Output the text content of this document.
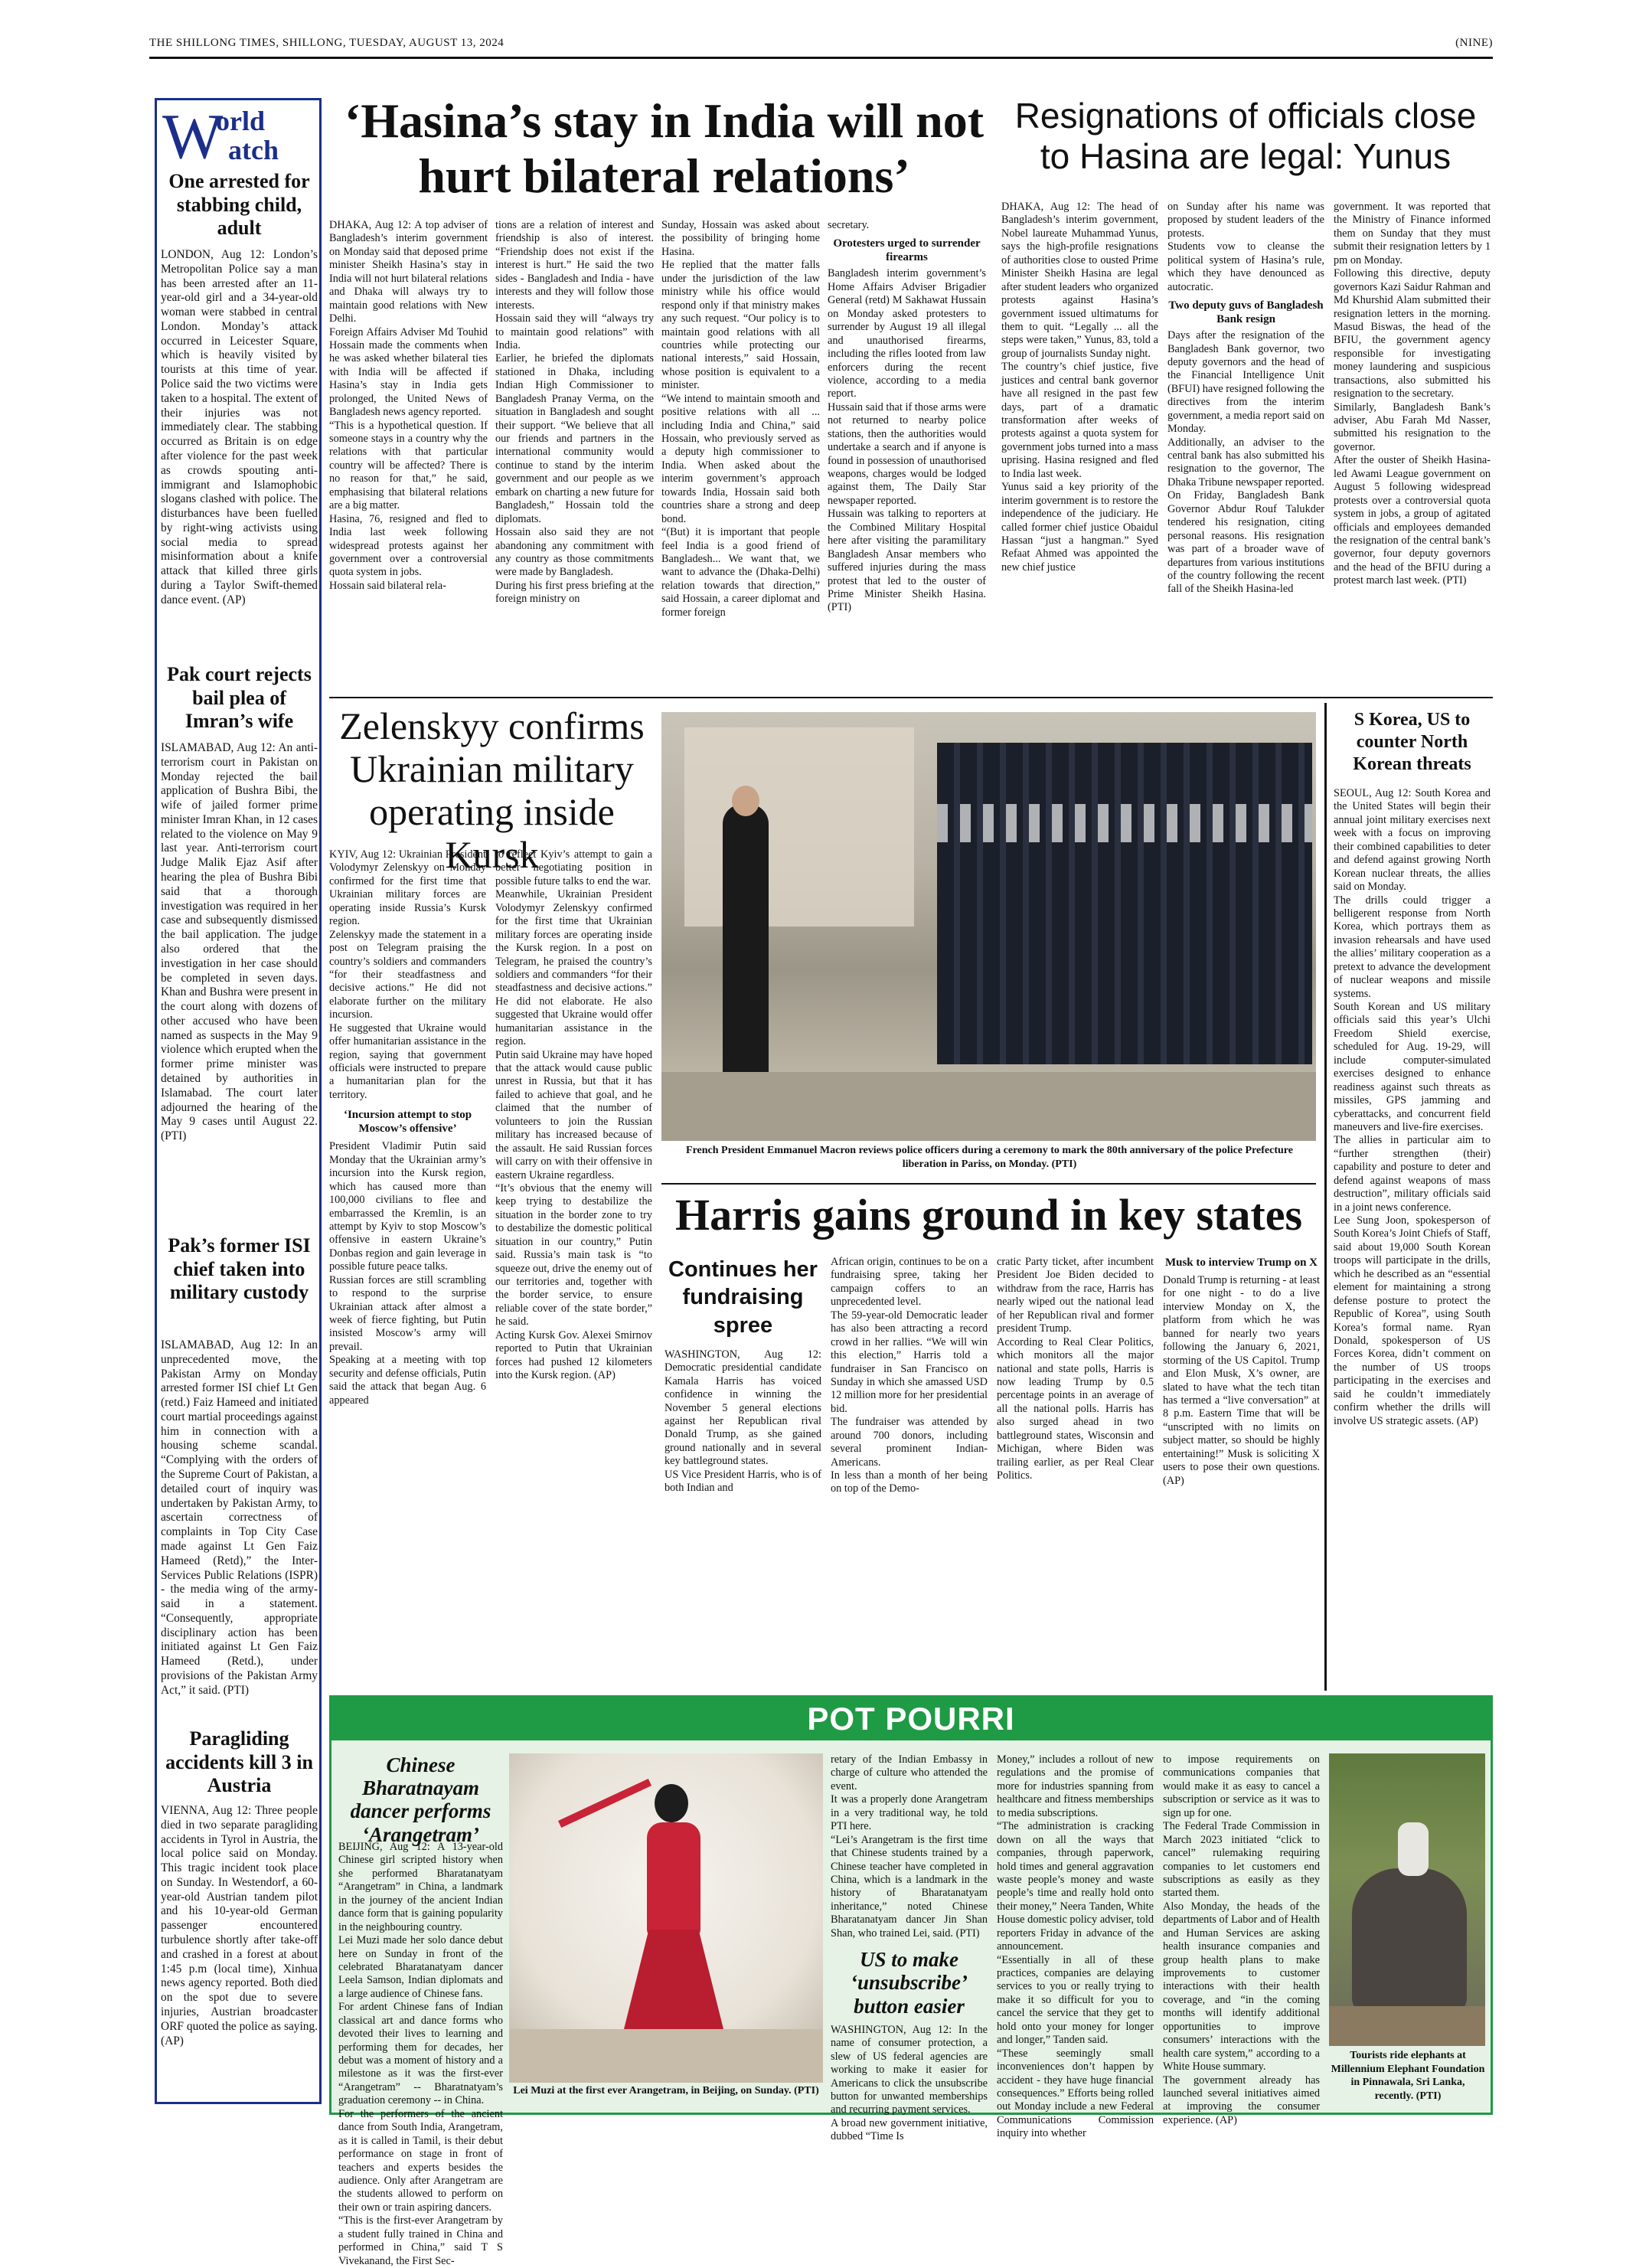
THE SHILLONG TIMES, SHILLONG, TUESDAY, AUGUST 13, 2024	(NINE)
W
orld
atch
One arrested for stabbing child, adult
LONDON, Aug 12: London’s Metropolitan Police say a man has been arrested after an 11-year-old girl and a 34-year-old woman were stabbed in central London. Monday’s attack occurred in Leicester Square, which is heavily visited by tourists at this time of year. Police said the two victims were taken to a hospital. The extent of their injuries was not immediately clear. The stabbing occurred as Britain is on edge after violence for the past week as crowds spouting anti-immigrant and Islamophobic slogans clashed with police. The disturbances have been fuelled by right-wing activists using social media to spread misinformation about a knife attack that killed three girls during a Taylor Swift-themed dance event. (AP)
Pak court rejects bail plea of Imran’s wife
ISLAMABAD, Aug 12: An anti-terrorism court in Pakistan on Monday rejected the bail application of Bushra Bibi, the wife of jailed former prime minister Imran Khan, in 12 cases related to the violence on May 9 last year. Anti-terrorism court Judge Malik Ejaz Asif after hearing the plea of Bushra Bibi said that a thorough investigation was required in her case and subsequently dismissed the bail application. The judge also ordered that the investigation in her case should be completed in seven days. Khan and Bushra were present in the court along with dozens of other accused who have been named as suspects in the May 9 violence which erupted when the former prime minister was detained by authorities in Islamabad. The court later adjourned the hearing of the May 9 cases until August 22. (PTI)
Pak’s former ISI chief taken into military custody
ISLAMABAD, Aug 12: In an unprecedented move, the Pakistan Army on Monday arrested former ISI chief Lt Gen (retd.) Faiz Hameed and initiated court martial proceedings against him in connection with a housing scheme scandal. “Complying with the orders of the Supreme Court of Pakistan, a detailed court of inquiry was undertaken by Pakistan Army, to ascertain correctness of complaints in Top City Case made against Lt Gen Faiz Hameed (Retd),” the Inter-Services Public Relations (ISPR) - the media wing of the army- said in a statement. “Consequently, appropriate disciplinary action has been initiated against Lt Gen Faiz Hameed (Retd.), under provisions of the Pakistan Army Act,” it said. (PTI)
Paragliding accidents kill 3 in Austria
VIENNA, Aug 12: Three people died in two separate paragliding accidents in Tyrol in Austria, the local police said on Monday. This tragic incident took place on Sunday. In Westendorf, a 60-year-old Austrian tandem pilot and his 10-year-old German passenger encountered turbulence shortly after take-off and crashed in a forest at about 1:45 p.m (local time), Xinhua news agency reported. Both died on the spot due to severe injuries, Austrian broadcaster ORF quoted the police as saying. (AP)
‘Hasina’s stay in India will not hurt bilateral relations’
DHAKA, Aug 12: A top adviser of Bangladesh’s interim government on Monday said that deposed prime minister Sheikh Hasina’s stay in India will not hurt bilateral relations and Dhaka will always try to maintain good relations with New Delhi.
Foreign Affairs Adviser Md Touhid Hossain made the comments when he was asked whether bilateral ties with India will be affected if Hasina’s stay in India gets prolonged, the United News of Bangladesh news agency reported.
“This is a hypothetical question. If someone stays in a country why the relations with that particular country will be affected? There is no reason for that,” he said, emphasising that bilateral relations are a big matter.
Hasina, 76, resigned and fled to India last week following widespread protests against her government over a controversial quota system in jobs.
Hossain said bilateral rela-
tions are a relation of interest and friendship is also of interest. “Friendship does not exist if the interest is hurt.” He said the two sides - Bangladesh and India - have interests and they will follow those interests.
Hossain said they will “always try to maintain good relations” with India.
Earlier, he briefed the diplomats stationed in Dhaka, including Indian High Commissioner to Bangladesh Pranay Verma, on the situation in Bangladesh and sought their support. “We believe that all our friends and partners in the international community would continue to stand by the interim government and our people as we embark on charting a new future for Bangladesh,” Hossain told the diplomats.
Hossain also said they are not abandoning any commitment with any country as those commitments were made by Bangladesh.
During his first press briefing at the foreign ministry on
Sunday, Hossain was asked about the possibility of bringing home Hasina.
He replied that the matter falls under the jurisdiction of the law ministry while his office would respond only if that ministry makes any such request. “Our policy is to maintain good relations with all countries while protecting our national interests,” said Hossain, whose position is equivalent to a minister.
“We intend to maintain smooth and positive relations with all ... including India and China,” said Hossain, who previously served as a deputy high commissioner to India. When asked about the interim government’s approach towards India, Hossain said both countries share a strong and deep bond.
“(But) it is important that people feel India is a good friend of Bangladesh... We want that, we want to advance the (Dhaka-Delhi) relation towards that direction,” said Hossain, a career diplomat and former foreign
secretary.
Orotesters urged to surrender firearms
Bangladesh interim government’s Home Affairs Adviser Brigadier General (retd) M Sakhawat Hussain on Monday asked protesters to surrender by August 19 all illegal and unauthorised firearms, including the rifles looted from law enforcers during the recent violence, according to a media report.
Hussain said that if those arms were not returned to nearby police stations, then the authorities would undertake a search and if anyone is found in possession of unauthorised weapons, charges would be lodged against them, The Daily Star newspaper reported.
Hussain was talking to reporters at the Combined Military Hospital here after visiting the paramilitary Bangladesh Ansar members who suffered injuries during the mass protest that led to the ouster of Prime Minister Sheikh Hasina. (PTI)
Resignations of officials close to Hasina are legal: Yunus
DHAKA, Aug 12: The head of Bangladesh’s interim government, Nobel laureate Muhammad Yunus, says the high-profile resignations of authorities close to ousted Prime Minister Sheikh Hasina are legal after student leaders who organized protests against Hasina’s government issued ultimatums for them to quit. “Legally ... all the steps were taken,” Yunus, 83, told a group of journalists Sunday night.
The country’s chief justice, five justices and central bank governor have all resigned in the past few days, part of a dramatic transformation after weeks of protests against a quota system for government jobs turned into a mass uprising. Hasina resigned and fled to India last week.
Yunus said a key priority of the interim government is to restore the independence of the judiciary. He called former chief justice Obaidul Hassan “just a hangman.” Syed Refaat Ahmed was appointed the new chief justice
on Sunday after his name was proposed by student leaders of the protests.
Students vow to cleanse the political system of Hasina’s rule, which they have denounced as autocratic.
Two deputy guvs of Bangladesh Bank resign
Days after the resignation of the Bangladesh Bank governor, two deputy governors and the head of the Financial Intelligence Unit (BFUI) have resigned following the directives from the interim government, a media report said on Monday.
Additionally, an adviser to the central bank has also submitted his resignation to the governor, The Dhaka Tribune newspaper reported.
On Friday, Bangladesh Bank Governor Abdur Rouf Talukder tendered his resignation, citing personal reasons. His resignation was part of a broader wave of departures from various institutions of the country following the recent fall of the Sheikh Hasina-led
government. It was reported that the Ministry of Finance informed them on Sunday that they must submit their resignation letters by 1 pm on Monday.
Following this directive, deputy governors Kazi Saidur Rahman and Md Khurshid Alam submitted their resignation letters in the morning. Masud Biswas, the head of the BFIU, the government agency responsible for investigating money laundering and suspicious transactions, also submitted his resignation to the secretary.
Similarly, Bangladesh Bank’s adviser, Abu Farah Md Nasser, submitted his resignation to the governor.
After the ouster of Sheikh Hasina-led Awami League government on August 5 following widespread protests over a controversial quota system in jobs, a group of agitated officials and employees demanded the resignation of the central bank’s governor, four deputy governors and the head of the BFIU during a protest march last week. (PTI)
Zelenskyy confirms Ukrainian military operating inside Kursk
KYIV, Aug 12: Ukrainian President Volodymyr Zelenskyy on Monday confirmed for the first time that Ukrainian military forces are operating inside Russia’s Kursk region.
Zelenskyy made the statement in a post on Telegram praising the country’s soldiers and commanders “for their steadfastness and decisive actions.” He did not elaborate further on the military incursion.
He suggested that Ukraine would offer humanitarian assistance in the region, saying that government officials were instructed to prepare a humanitarian plan for the territory.
‘Incursion attempt to stop Moscow’s offensive’
President Vladimir Putin said Monday that the Ukrainian army’s incursion into the Kursk region, which has caused more than 100,000 civilians to flee and embarrassed the Kremlin, is an attempt by Kyiv to stop Moscow’s offensive in eastern Ukraine’s Donbas region and gain leverage in possible future peace talks.
Russian forces are still scrambling to respond to the surprise Ukrainian attack after almost a week of fierce fighting, but Putin insisted Moscow’s army will prevail.
Speaking at a meeting with top security and defense officials, Putin said the attack that began Aug. 6 appeared
to reflect Kyiv’s attempt to gain a better negotiating position in possible future talks to end the war.
Meanwhile, Ukrainian President Volodymyr Zelenskyy confirmed for the first time that Ukrainian military forces are operating inside the Kursk region. In a post on Telegram, he praised the country’s soldiers and commanders “for their steadfastness and decisive actions.” He did not elaborate. He also suggested that Ukraine would offer humanitarian assistance in the region.
Putin said Ukraine may have hoped that the attack would cause public unrest in Russia, but that it has failed to achieve that goal, and he claimed that the number of volunteers to join the Russian military has increased because of the assault. He said Russian forces will carry on with their offensive in eastern Ukraine regardless.
“It’s obvious that the enemy will keep trying to destabilize the situation in the border zone to try to destabilize the domestic political situation in our country,” Putin said. Russia’s main task is “to squeeze out, drive the enemy out of our territories and, together with the border service, to ensure reliable cover of the state border,” he said.
Acting Kursk Gov. Alexei Smirnov reported to Putin that Ukrainian forces had pushed 12 kilometers into the Kursk region. (AP)
French President Emmanuel Macron reviews police officers during a ceremony to mark the 80th anniversary of the police Prefecture liberation in Pariss, on Monday. (PTI)
S Korea, US to counter North Korean threats
SEOUL, Aug 12: South Korea and the United States will begin their annual joint military exercises next week with a focus on improving their combined capabilities to deter and defend against growing North Korean nuclear threats, the allies said on Monday.
The drills could trigger a belligerent response from North Korea, which portrays them as invasion rehearsals and have used the allies’ military cooperation as a pretext to advance the development of nuclear weapons and missile systems.
South Korean and US military officials said this year’s Ulchi Freedom Shield exercise, scheduled for Aug. 19-29, will include computer-simulated exercises designed to enhance readiness against such threats as missiles, GPS jamming and cyberattacks, and concurrent field maneuvers and live-fire exercises.
The allies in particular aim to “further strengthen (their) capability and posture to deter and defend against weapons of mass destruction”, military officials said in a joint news conference.
Lee Sung Joon, spokesperson of South Korea’s Joint Chiefs of Staff, said about 19,000 South Korean troops will participate in the drills, which he described as an “essential element for maintaining a strong defense posture to protect the Republic of Korea”, using South Korea’s formal name. Ryan Donald, spokesperson of US Forces Korea, didn’t comment on the number of US troops participating in the exercises and said he couldn’t immediately confirm whether the drills will involve US strategic assets. (AP)
Harris gains ground in key states
Continues her fundraising spree
WASHINGTON, Aug 12: Democratic presidential candidate Kamala Harris has voiced confidence in winning the November 5 general elections against her Republican rival Donald Trump, as she gained ground nationally and in several key battleground states.
US Vice President Harris, who is of both Indian and
African origin, continues to be on a fundraising spree, taking her campaign coffers to an unprecedented level.
The 59-year-old Democratic leader has also been attracting a record crowd in her rallies. “We will win this election,” Harris told a fundraiser in San Francisco on Sunday in which she amassed USD 12 million more for her presidential bid.
The fundraiser was attended by around 700 donors, including several prominent Indian-Americans.
In less than a month of her being on top of the Demo-
cratic Party ticket, after incumbent President Joe Biden decided to withdraw from the race, Harris has nearly wiped out the national lead of her Republican rival and former president Trump.
According to Real Clear Politics, which monitors all the major national and state polls, Harris is now leading Trump by 0.5 percentage points in an average of all the national polls. Harris has also surged ahead in two battleground states, Wisconsin and Michigan, where Biden was trailing earlier, as per Real Clear Politics.
Musk to interview Trump on X
Donald Trump is returning - at least for one night - to do a live interview Monday on X, the platform from which he was banned for nearly two years following the January 6, 2021, storming of the US Capitol. Trump and Elon Musk, X’s owner, are slated to have what the tech titan has termed a “live conversation” at 8 p.m. Eastern Time that will be “unscripted with no limits on subject matter, so should be highly entertaining!” Musk is soliciting X users to pose their own questions. (AP)
POT POURRI
Chinese Bharatnayam dancer performs ‘Arangetram’
BEIJING, Aug 12: A 13-year-old Chinese girl scripted history when she performed Bharatanatyam “Arangetram” in China, a landmark in the journey of the ancient Indian dance form that is gaining popularity in the neighbouring country.
Lei Muzi made her solo dance debut here on Sunday in front of the celebrated Bharatanatyam dancer Leela Samson, Indian diplomats and a large audience of Chinese fans.
For ardent Chinese fans of Indian classical art and dance forms who devoted their lives to learning and performing them for decades, her debut was a moment of history and a milestone as it was the first-ever “Arangetram” -- Bharatnatyam’s graduation ceremony -- in China.
For the performers of the ancient dance from South India, Arangetram, as it is called in Tamil, is their debut performance on stage in front of teachers and experts besides the audience. Only after Arangetram are the students allowed to perform on their own or train aspiring dancers.
“This is the first-ever Arangetram by a student fully trained in China and performed in China,” said T S Vivekanand, the First Sec-
Lei Muzi at the first ever Arangetram, in Beijing, on Sunday. (PTI)
retary of the Indian Embassy in charge of culture who attended the event.
It was a properly done Arangetram in a very traditional way, he told PTI here.
“Lei’s Arangetram is the first time that Chinese students trained by a Chinese teacher have completed in China, which is a landmark in the history of Bharatanatyam inheritance,” noted Chinese Bharatanatyam dancer Jin Shan Shan, who trained Lei, said. (PTI)
US to make ‘unsubscribe’ button easier
WASHINGTON, Aug 12: In the name of consumer protection, a slew of US federal agencies are working to make it easier for Americans to click the unsubscribe button for unwanted memberships and recurring payment services.
A broad new government initiative, dubbed “Time Is
Money,” includes a rollout of new regulations and the promise of more for industries spanning from healthcare and fitness memberships to media subscriptions.
“The administration is cracking down on all the ways that companies, through paperwork, hold times and general aggravation waste people’s money and waste people’s time and really hold onto their money,” Neera Tanden, White House domestic policy adviser, told reporters Friday in advance of the announcement.
“Essentially in all of these practices, companies are delaying services to you or really trying to make it so difficult for you to cancel the service that they get to hold onto your money for longer and longer,” Tanden said.
“These seemingly small inconveniences don’t happen by accident - they have huge financial consequences.” Efforts being rolled out Monday include a new Federal Communications Commission inquiry into whether
to impose requirements on communications companies that would make it as easy to cancel a subscription or service as it was to sign up for one.
The Federal Trade Commission in March 2023 initiated “click to cancel” rulemaking requiring companies to let customers end subscriptions as easily as they started them.
Also Monday, the heads of the departments of Labor and of Health and Human Services are asking health insurance companies and group health plans to make improvements to customer interactions with their health coverage, and “in the coming months will identify additional opportunities to improve consumers’ interactions with the health care system,” according to a White House summary.
The government already has launched several initiatives aimed at improving the consumer experience. (AP)
Tourists ride elephants at Millennium Elephant Foundation in Pinnawala, Sri Lanka, recently. (PTI)
